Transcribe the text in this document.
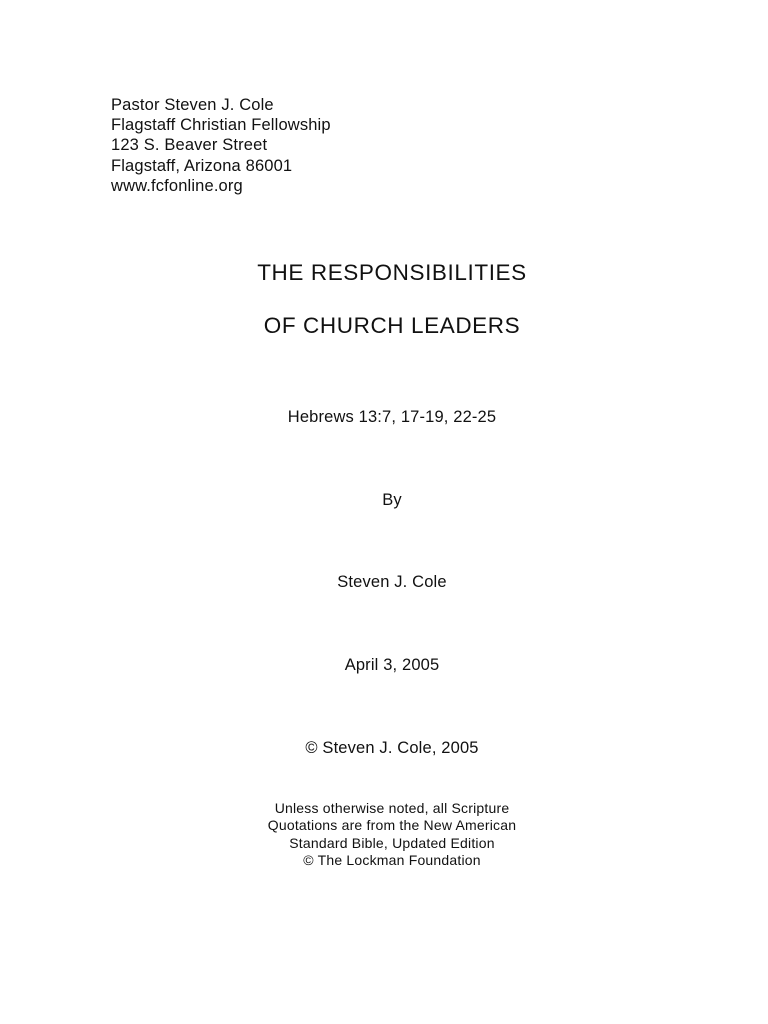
Pastor Steven J. Cole
Flagstaff Christian Fellowship
123 S. Beaver Street
Flagstaff, Arizona 86001
www.fcfonline.org
THE RESPONSIBILITIES
OF CHURCH LEADERS
Hebrews 13:7, 17-19, 22-25
By
Steven J. Cole
April 3, 2005
© Steven J. Cole, 2005
Unless otherwise noted, all Scripture
Quotations are from the New American
Standard Bible, Updated Edition
© The Lockman Foundation
